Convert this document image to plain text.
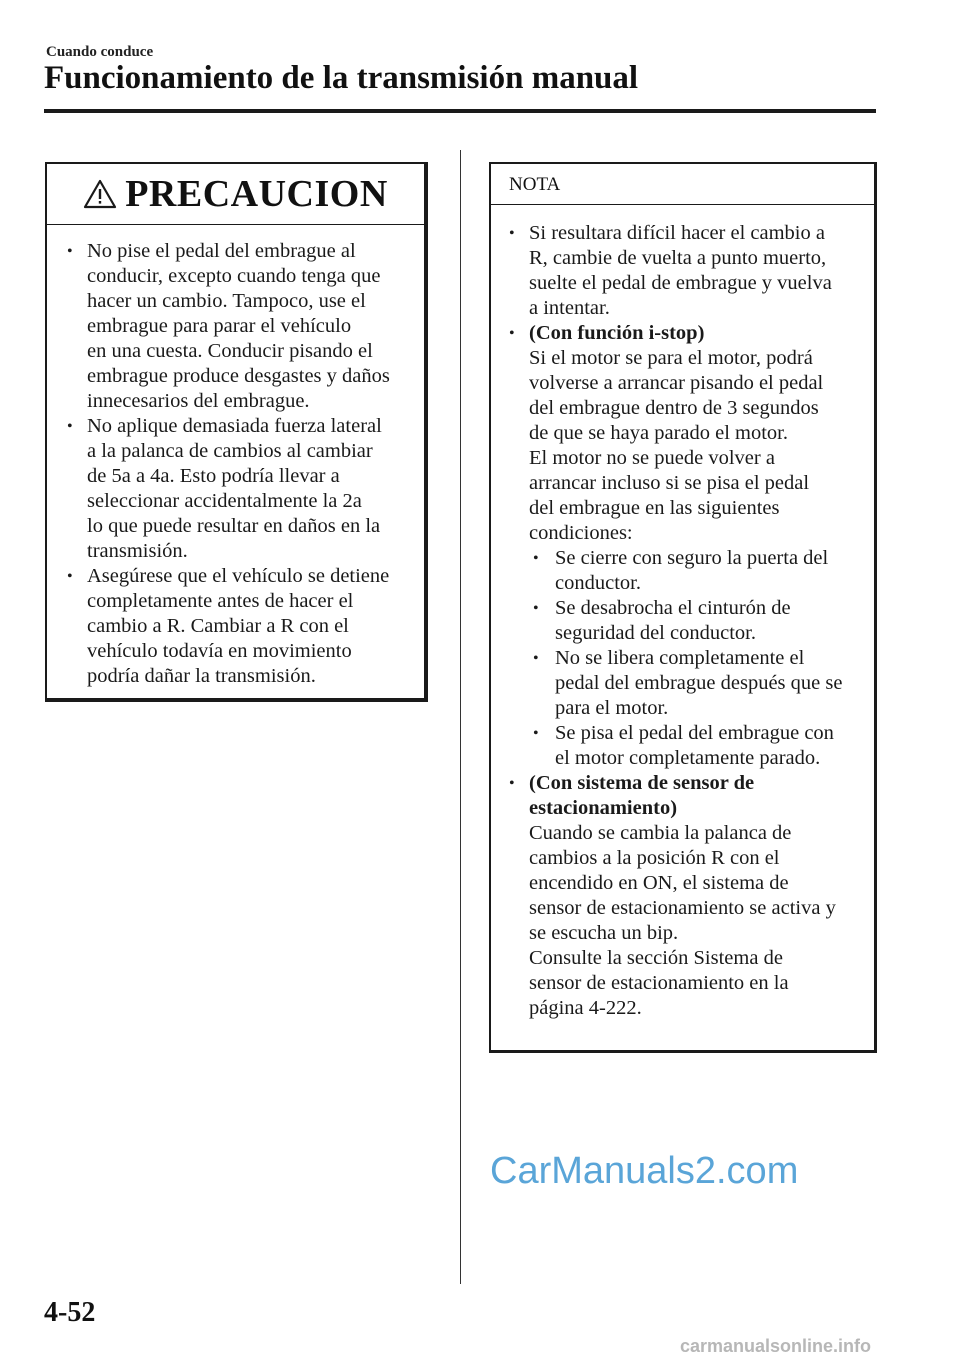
Cuando conduce
Funcionamiento de la transmisión manual
PRECAUCION
• No pise el pedal del embrague al
conducir, excepto cuando tenga que
hacer un cambio. Tampoco, use el
embrague para parar el vehículo
en una cuesta. Conducir pisando el
embrague produce desgastes y daños
innecesarios del embrague.
• No aplique demasiada fuerza lateral
a la palanca de cambios al cambiar
de 5a a 4a. Esto podría llevar a
seleccionar accidentalmente la 2a
lo que puede resultar en daños en la
transmisión.
• Asegúrese que el vehículo se detiene
completamente antes de hacer el
cambio a R. Cambiar a R con el
vehículo todavía en movimiento
podría dañar la transmisión.
NOTA
• Si resultara difícil hacer el cambio a
R, cambie de vuelta a punto muerto,
suelte el pedal de embrague y vuelva
a intentar.
• (Con función i-stop)
Si el motor se para el motor, podrá
volverse a arrancar pisando el pedal
del embrague dentro de 3 segundos
de que se haya parado el motor.
El motor no se puede volver a
arrancar incluso si se pisa el pedal
del embrague en las siguientes
condiciones:
• Se cierre con seguro la puerta del
conductor.
• Se desabrocha el cinturón de
seguridad del conductor.
• No se libera completamente el
pedal del embrague después que se
para el motor.
• Se pisa el pedal del embrague con
el motor completamente parado.
• (Con sistema de sensor de
estacionamiento)
Cuando se cambia la palanca de
cambios a la posición R con el
encendido en ON, el sistema de
sensor de estacionamiento se activa y
se escucha un bip.
Consulte la sección Sistema de
sensor de estacionamiento en la
página 4-222.
CarManuals2.com
4-52
carmanualsonline.info
